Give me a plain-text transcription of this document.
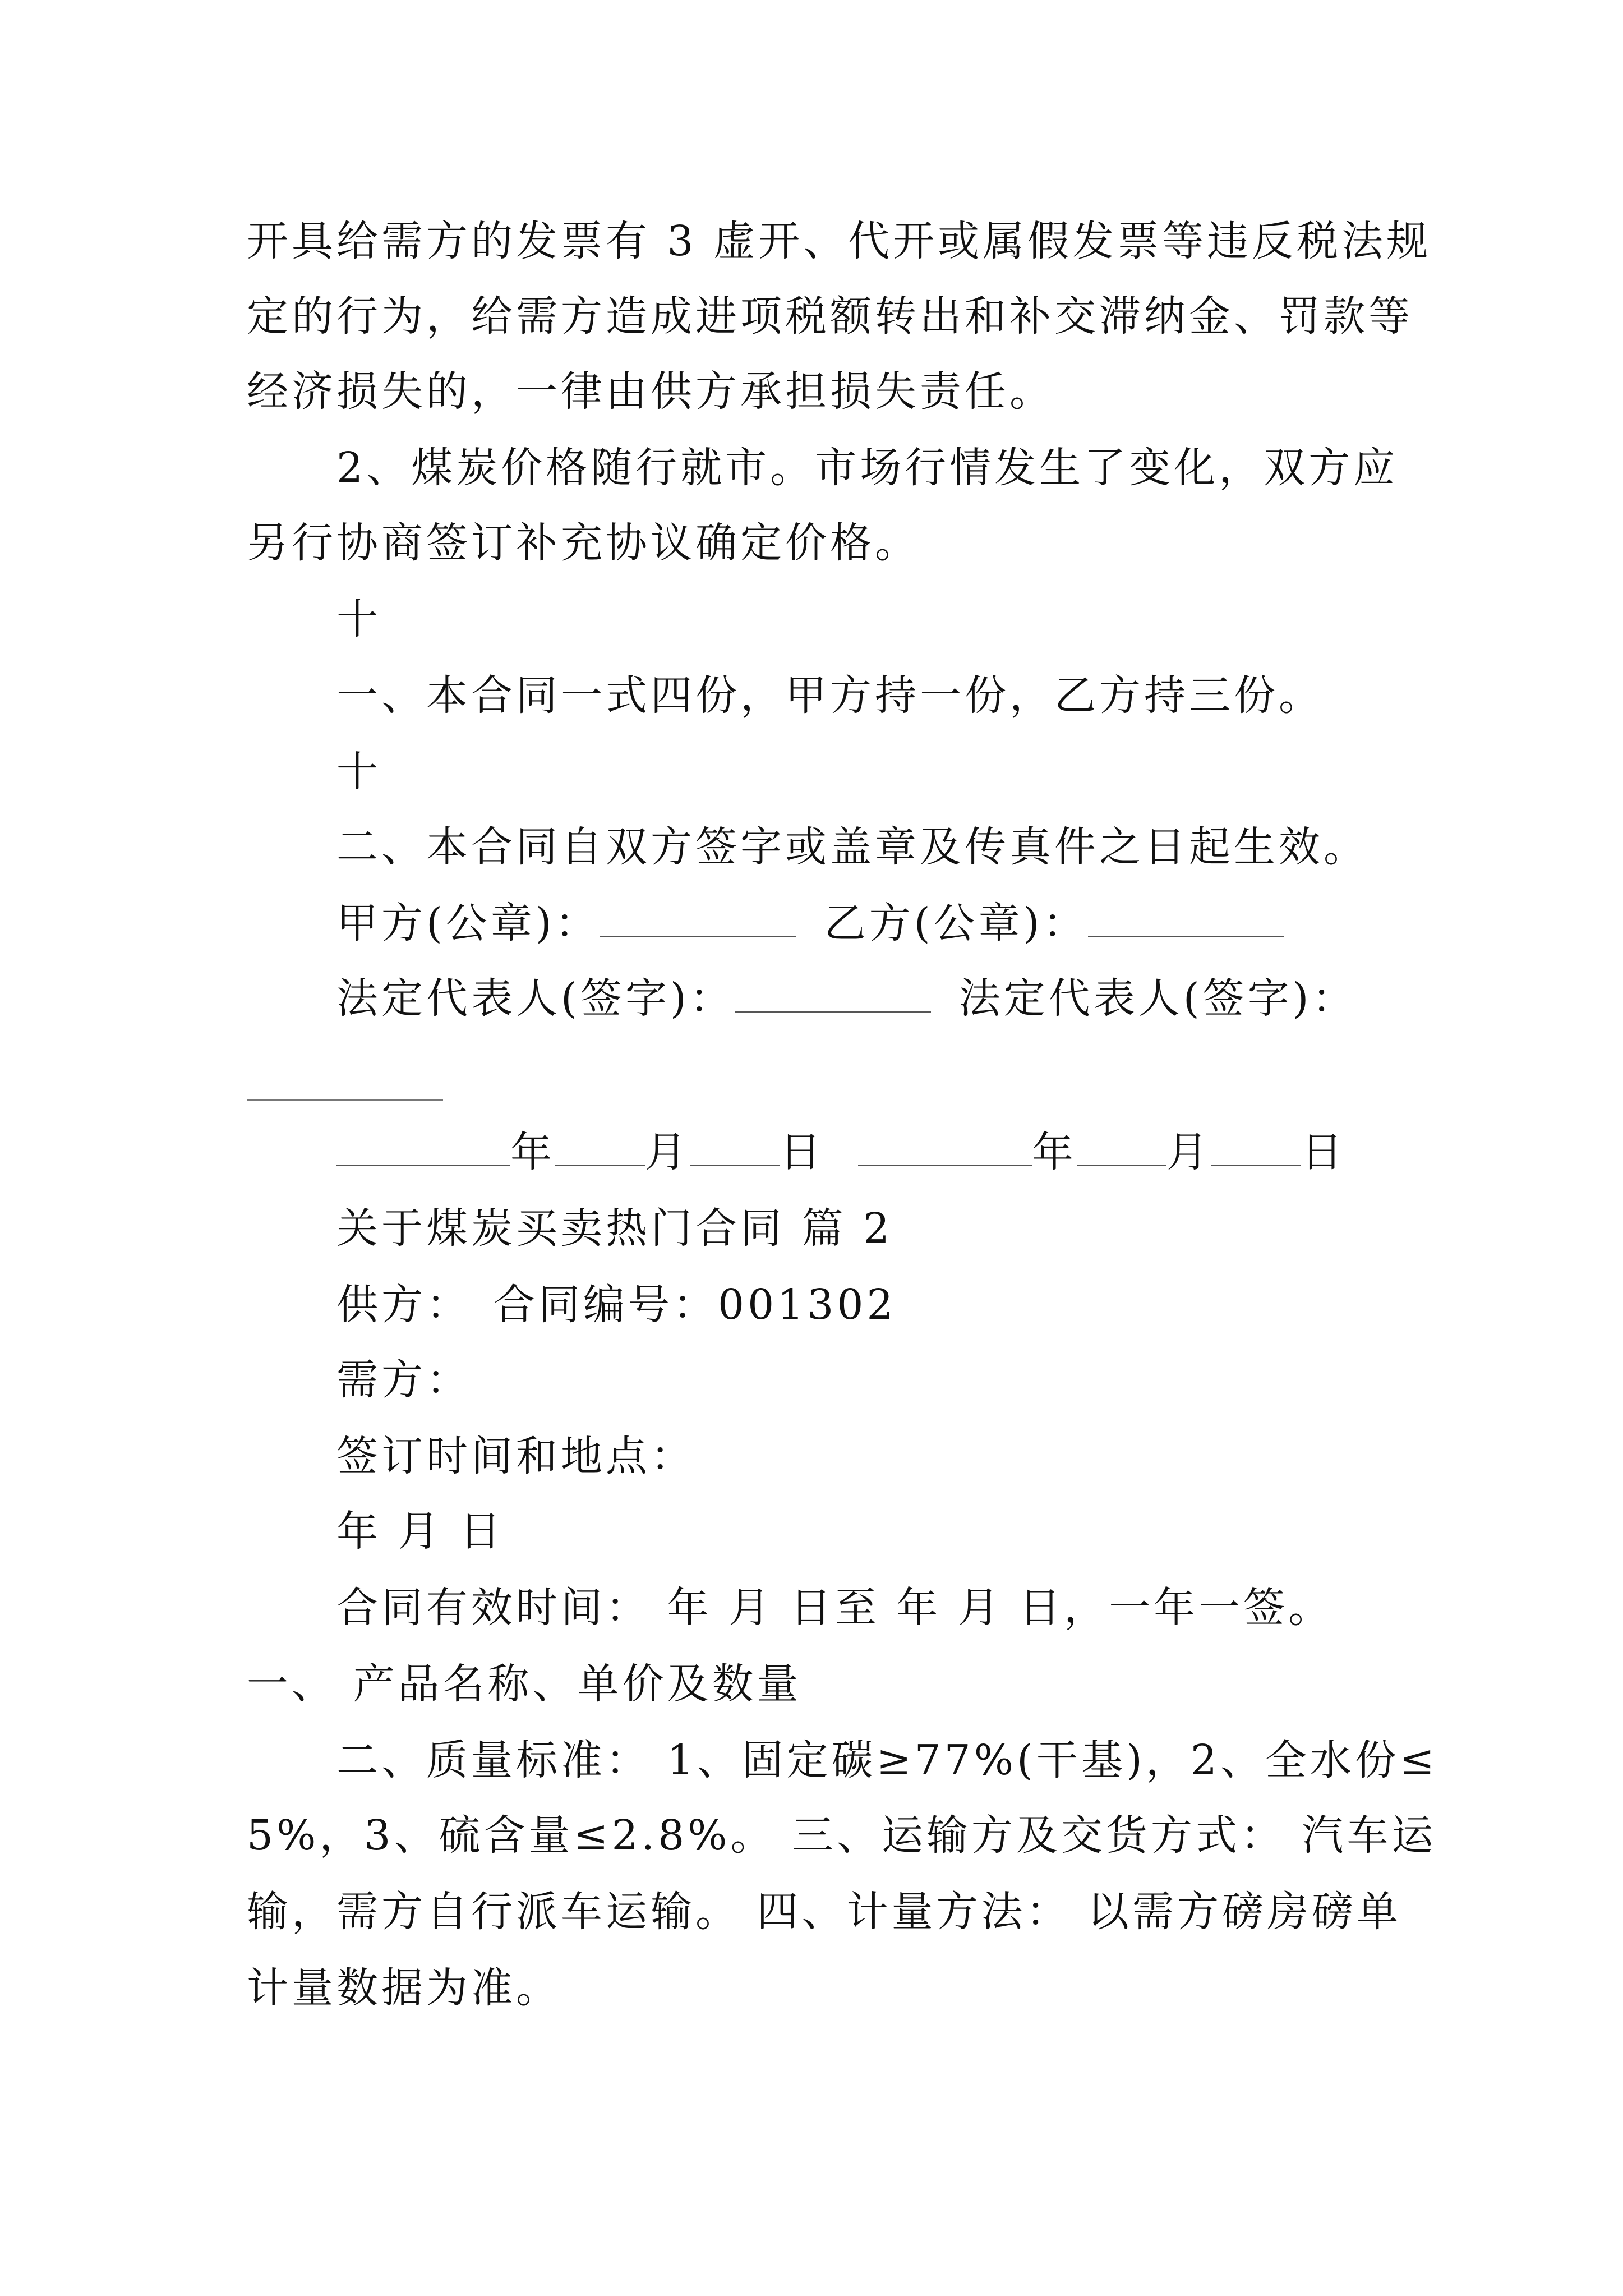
开具给需方的发票有 3 虚开、代开或属假发票等违反税法规
定的行为，给需方造成进项税额转出和补交滞纳金、罚款等
经济损失的，一律由供方承担损失责任。
2、煤炭价格随行就市。市场行情发生了变化，双方应
另行协商签订补充协议确定价格。
十
一、本合同一式四份，甲方持一份，乙方持三份。
十
二、本合同自双方签字或盖章及传真件之日起生效。
甲方(公章)：	乙方(公章)：
法定代表人(签字)：	法定代表人(签字)：
年 月 日	年 月 日
关于煤炭买卖热门合同 篇 2
供方： 合同编号：001302
需方：
签订时间和地点：
年 月 日
合同有效时间： 年 月 日至 年 月 日，一年一签。
一、 产品名称、单价及数量
二、质量标准： 1、固定碳≥77%(干基)，2、全水份≤
5%，3、硫含量≤2.8%。 三、运输方及交货方式： 汽车运
输，需方自行派车运输。 四、计量方法： 以需方磅房磅单
计量数据为准。
